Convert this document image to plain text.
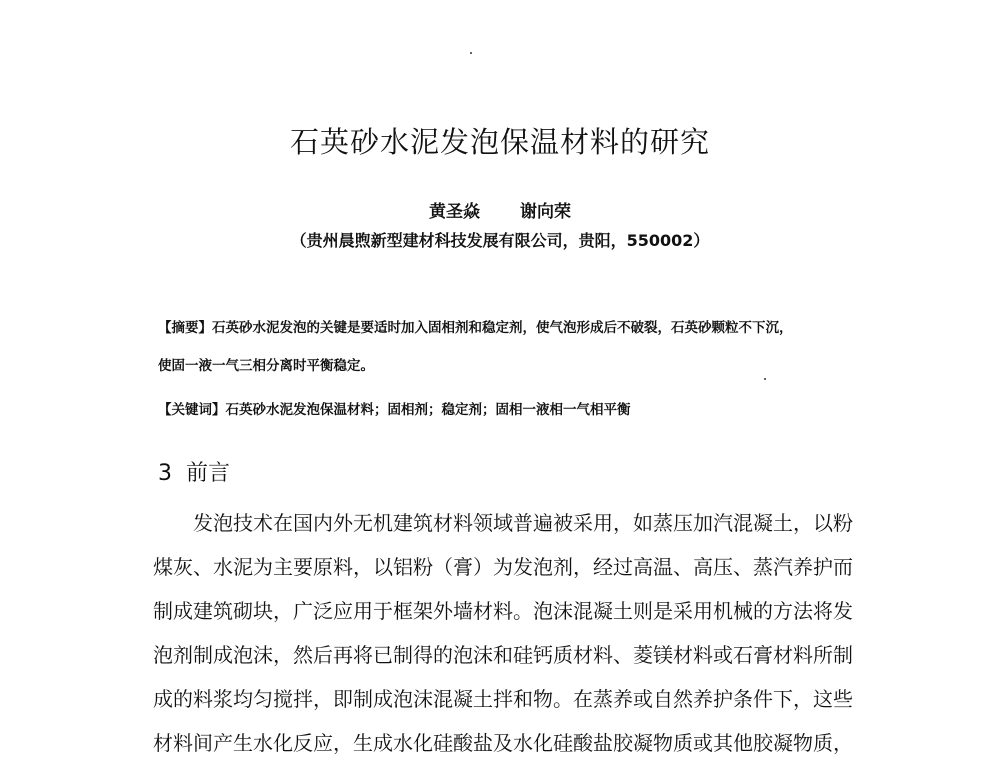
石英砂水泥发泡保温材料的研究
黄圣焱 谢向荣
（贵州晨煦新型建材科技发展有限公司，贵阳，550002）
【摘要】石英砂水泥发泡的关键是要适时加入固相剂和稳定剂，使气泡形成后不破裂，石英砂颗粒不下沉，
使固一液一气三相分离时平衡稳定。
【关键词】石英砂水泥发泡保温材料；固相剂；稳定剂；固相一液相一气相平衡
3 前言
　　发泡技术在国内外无机建筑材料领域普遍被采用，如蒸压加汽混凝土，以粉
煤灰、水泥为主要原料，以铝粉（膏）为发泡剂，经过高温、高压、蒸汽养护而
制成建筑砌块，广泛应用于框架外墙材料。泡沫混凝土则是采用机械的方法将发
泡剂制成泡沫，然后再将已制得的泡沫和硅钙质材料、菱镁材料或石膏材料所制
成的料浆均匀搅拌，即制成泡沫混凝土拌和物。在蒸养或自然养护条件下，这些
材料间产生水化反应，生成水化硅酸盐及水化硅酸盐胶凝物质或其他胶凝物质，
